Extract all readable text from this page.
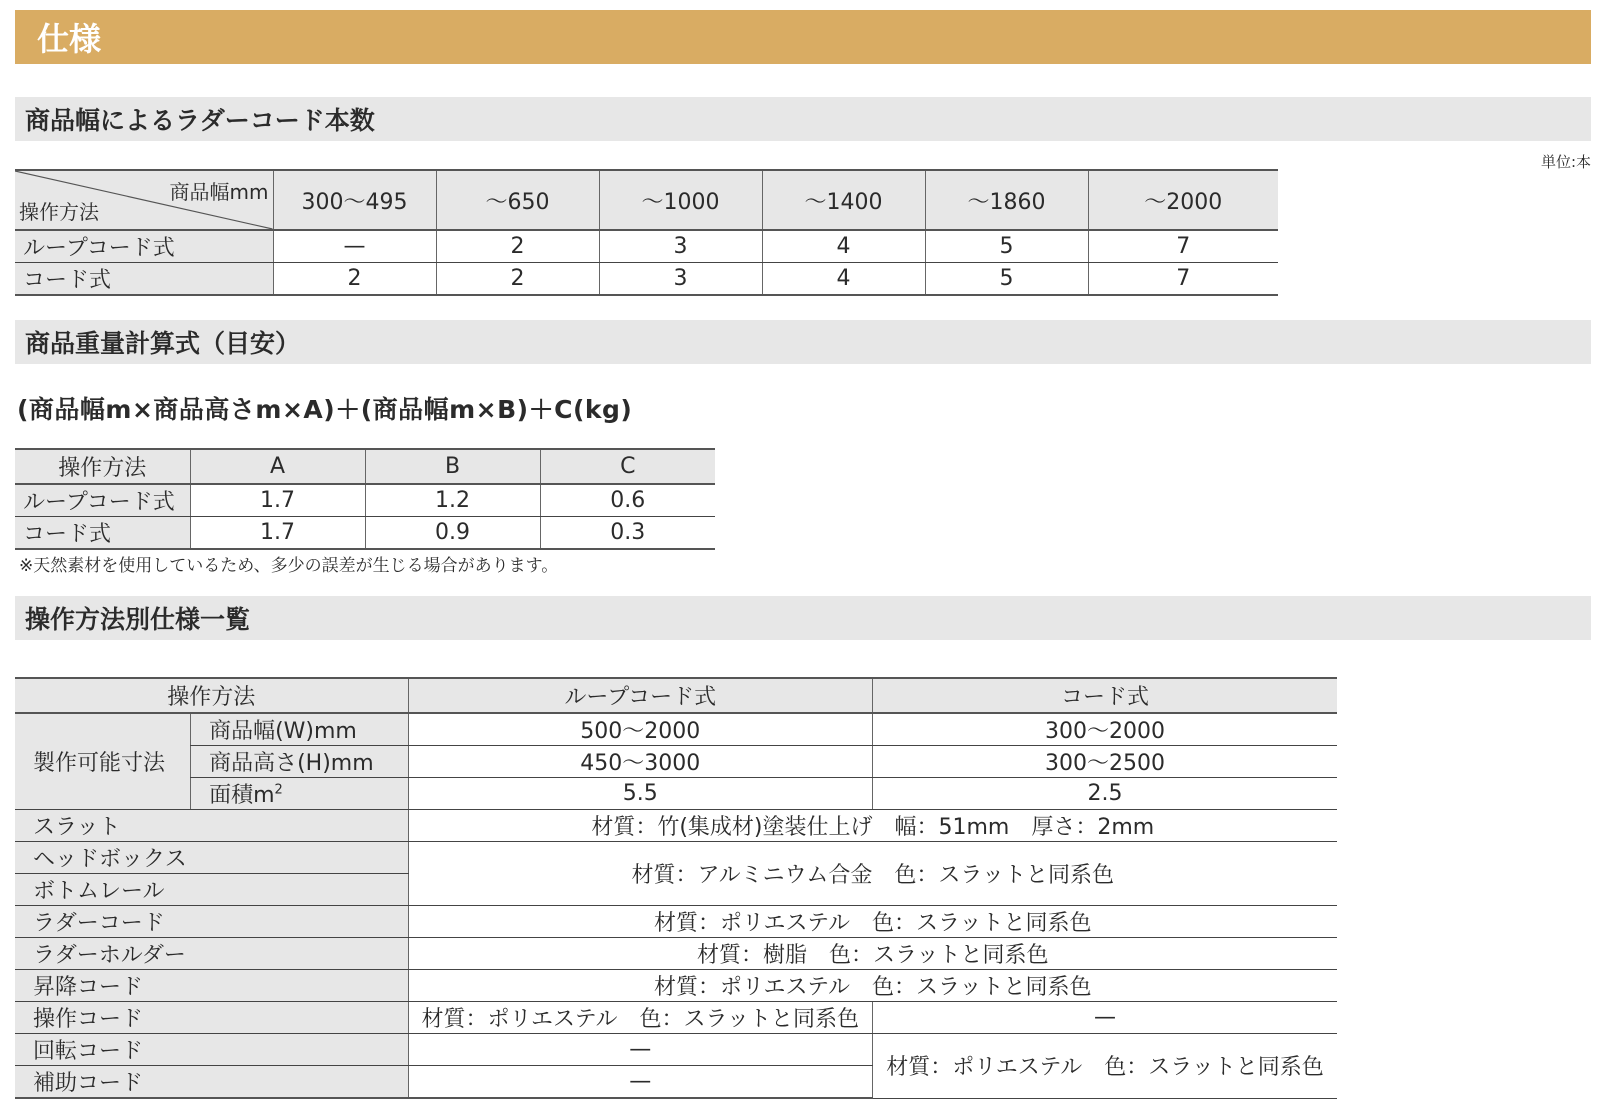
仕様
商品幅によるラダーコード本数
単位:本
商品幅mm
操作方法	300〜495	〜650	〜1000	〜1400	〜1860	〜2000
ループコード式	—	2	3	4	5	7
コード式	2	2	3	4	5	7
商品重量計算式（目安）
(商品幅m×商品高さm×A)＋(商品幅m×B)＋C(kg)
操作方法	A	B	C
ループコード式	1.7	1.2	0.6
コード式	1.7	0.9	0.3
※天然素材を使用しているため、多少の誤差が生じる場合があります。
操作方法別仕様一覧
操作方法		ループコード式	コード式
製作可能寸法	商品幅(W)mm	500〜2000	300〜2000
	商品高さ(H)mm	450〜3000	300〜2500
	面積$m^2$	5.5	2.5
スラット		材質：竹(集成材)塗装仕上げ　幅：51mm　厚さ：2mm	
ヘッドボックス		材質：アルミニウム合金　色：スラットと同系色	
ボトムレール			
ラダーコード		材質：ポリエステル　色：スラットと同系色	
ラダーホルダー		材質：樹脂　色：スラットと同系色	
昇降コード		材質：ポリエステル　色：スラットと同系色	
操作コード		材質：ポリエステル　色：スラットと同系色	—
回転コード		—	材質：ポリエステル　色：スラットと同系色
補助コード		—	
